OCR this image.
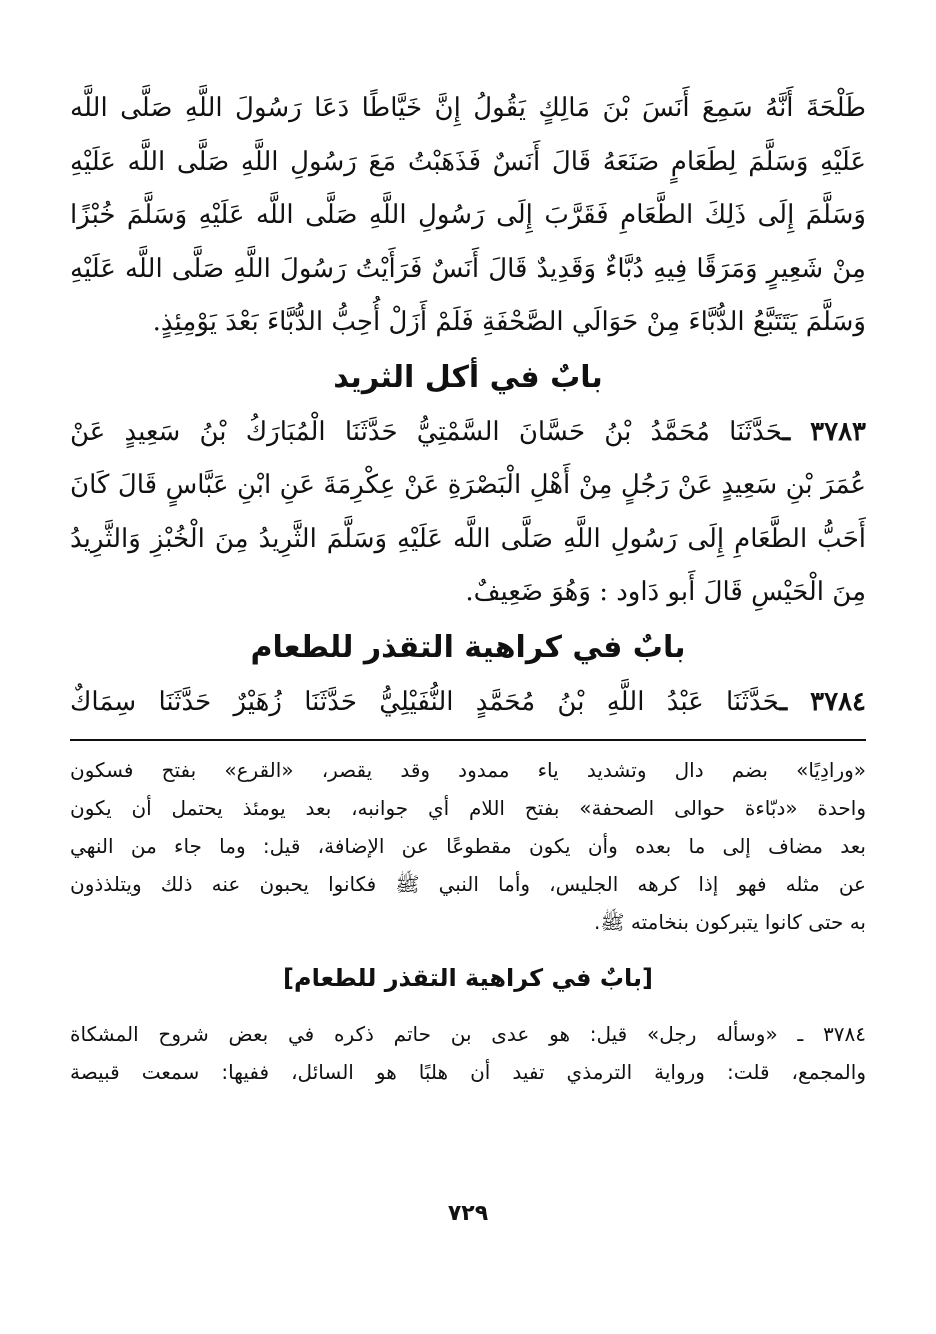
طَلْحَةَ أَنَّهُ سَمِعَ أَنَسَ بْنَ مَالِكٍ يَقُولُ إِنَّ خَيَّاطًا دَعَا رَسُولَ اللَّهِ صَلَّى اللَّه
عَلَيْهِ وَسَلَّمَ لِطَعَامٍ صَنَعَهُ قَالَ أَنَسٌ فَذَهَبْتُ مَعَ رَسُولِ اللَّهِ صَلَّى اللَّه عَلَيْهِ
وَسَلَّمَ إِلَى ذَلِكَ الطَّعَامِ فَقَرَّبَ إِلَى رَسُولِ اللَّهِ صَلَّى اللَّه عَلَيْهِ وَسَلَّمَ خُبْزًا
مِنْ شَعِيرٍ وَمَرَقًا فِيهِ دُبَّاءٌ وَقَدِيدٌ قَالَ أَنَسٌ فَرَأَيْتُ رَسُولَ اللَّهِ صَلَّى اللَّه عَلَيْهِ
وَسَلَّمَ يَتَتَبَّعُ الدُّبَّاءَ مِنْ حَوَالَي الصَّحْفَةِ فَلَمْ أَزَلْ أُحِبُّ الدُّبَّاءَ بَعْدَ يَوْمِئِذٍ.
بابٌ في أكل الثريد
٣٧٨٣ ـحَدَّثَنَا مُحَمَّدُ بْنُ حَسَّانَ السَّمْتِيُّ حَدَّثَنَا الْمُبَارَكُ بْنُ سَعِيدٍ عَنْ
عُمَرَ بْنِ سَعِيدٍ عَنْ رَجُلٍ مِنْ أَهْلِ الْبَصْرَةِ عَنْ عِكْرِمَةَ عَنِ ابْنِ عَبَّاسٍ قَالَ كَانَ
أَحَبُّ الطَّعَامِ إِلَى رَسُولِ اللَّهِ صَلَّى اللَّه عَلَيْهِ وَسَلَّمَ الثَّرِيدُ مِنَ الْخُبْزِ وَالثَّرِيدُ
مِنَ الْحَيْسِ قَالَ أَبو دَاود : وَهُوَ ضَعِيفٌ.
بابٌ في كراهية التقذر للطعام
٣٧٨٤ ـحَدَّثَنَا عَبْدُ اللَّهِ بْنُ مُحَمَّدٍ النُّفَيْلِيُّ حَدَّثَنَا زُهَيْرٌ حَدَّثَنَا سِمَاكٌ
«ورادِيًا» بضم دال وتشديد ياء ممدود وقد يقصر، «القرع» بفتح فسكون
واحدة «دبّاءة حوالى الصحفة» بفتح اللام أي جوانبه، بعد يومئذ يحتمل أن يكون
بعد مضاف إلى ما بعده وأن يكون مقطوعًا عن الإضافة، قيل: وما جاء من النهي
عن مثله فهو إذا كرهه الجليس، وأما النبي ﷺ فكانوا يحبون عنه ذلك ويتلذذون
به حتى كانوا يتبركون بنخامته ﷺ.
[بابٌ في كراهية التقذر للطعام]
٣٧٨٤ ـ «وسأله رجل» قيل: هو عدى بن حاتم ذكره في بعض شروح المشكاة
والمجمع، قلت: ورواية الترمذي تفيد أن هلبًا هو السائل، ففيها: سمعت قبيصة
٧٢٩
